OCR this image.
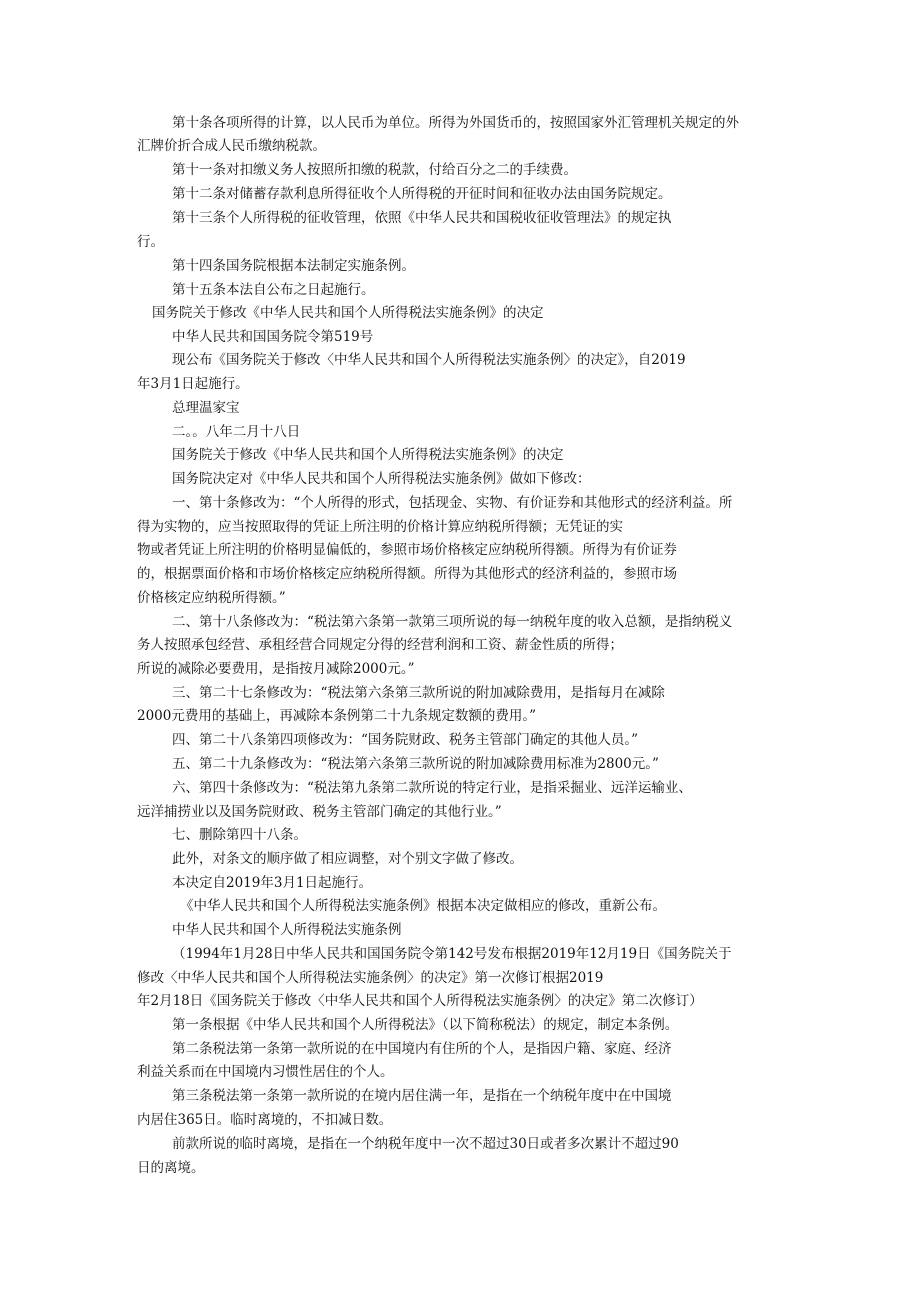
第十条各项所得的计算，以人民币为单位。所得为外国货币的，按照国家外汇管理机关规定的外
汇牌价折合成人民币缴纳税款。
第十一条对扣缴义务人按照所扣缴的税款，付给百分之二的手续费。
第十二条对储蓄存款利息所得征收个人所得税的开征时间和征收办法由国务院规定。
第十三条个人所得税的征收管理，依照《中华人民共和国税收征收管理法》的规定执
行。
第十四条国务院根据本法制定实施条例。
第十五条本法自公布之日起施行。
国务院关于修改《中华人民共和国个人所得税法实施条例》的决定
中华人民共和国国务院令第519号
现公布《国务院关于修改〈中华人民共和国个人所得税法实施条例〉的决定》，自2019
年3月1日起施行。
总理温家宝
二。。八年二月十八日
国务院关于修改《中华人民共和国个人所得税法实施条例》的决定
国务院决定对《中华人民共和国个人所得税法实施条例》做如下修改：
一、第十条修改为：“个人所得的形式，包括现金、实物、有价证券和其他形式的经济利益。所
得为实物的，应当按照取得的凭证上所注明的价格计算应纳税所得额；无凭证的实
物或者凭证上所注明的价格明显偏低的，参照市场价格核定应纳税所得额。所得为有价证券
的，根据票面价格和市场价格核定应纳税所得额。所得为其他形式的经济利益的，参照市场
价格核定应纳税所得额。”
二、第十八条修改为：“税法第六条第一款第三项所说的每一纳税年度的收入总额，是指纳税义
务人按照承包经营、承租经营合同规定分得的经营利润和工资、薪金性质的所得；
所说的减除必要费用，是指按月减除2000元。”
三、第二十七条修改为：“税法第六条第三款所说的附加减除费用，是指每月在减除
2000元费用的基础上，再减除本条例第二十九条规定数额的费用。”
四、第二十八条第四项修改为：“国务院财政、税务主管部门确定的其他人员。”
五、第二十九条修改为：“税法第六条第三款所说的附加减除费用标准为2800元。”
六、第四十条修改为：“税法第九条第二款所说的特定行业，是指采掘业、远洋运输业、
远洋捕捞业以及国务院财政、税务主管部门确定的其他行业。”
七、删除第四十八条。
此外，对条文的顺序做了相应调整，对个别文字做了修改。
本决定自2019年3月1日起施行。
《中华人民共和国个人所得税法实施条例》根据本决定做相应的修改，重新公布。
中华人民共和国个人所得税法实施条例
（1994年1月28日中华人民共和国国务院令第142号发布根据2019年12月19日《国务院关于
修改〈中华人民共和国个人所得税法实施条例〉的决定》第一次修订根据2019
年2月18日《国务院关于修改〈中华人民共和国个人所得税法实施条例〉的决定》第二次修订）
第一条根据《中华人民共和国个人所得税法》（以下简称税法）的规定，制定本条例。
第二条税法第一条第一款所说的在中国境内有住所的个人，是指因户籍、家庭、经济
利益关系而在中国境内习惯性居住的个人。
第三条税法第一条第一款所说的在境内居住满一年，是指在一个纳税年度中在中国境
内居住365日。临时离境的，不扣减日数。
前款所说的临时离境，是指在一个纳税年度中一次不超过30日或者多次累计不超过90
日的离境。
